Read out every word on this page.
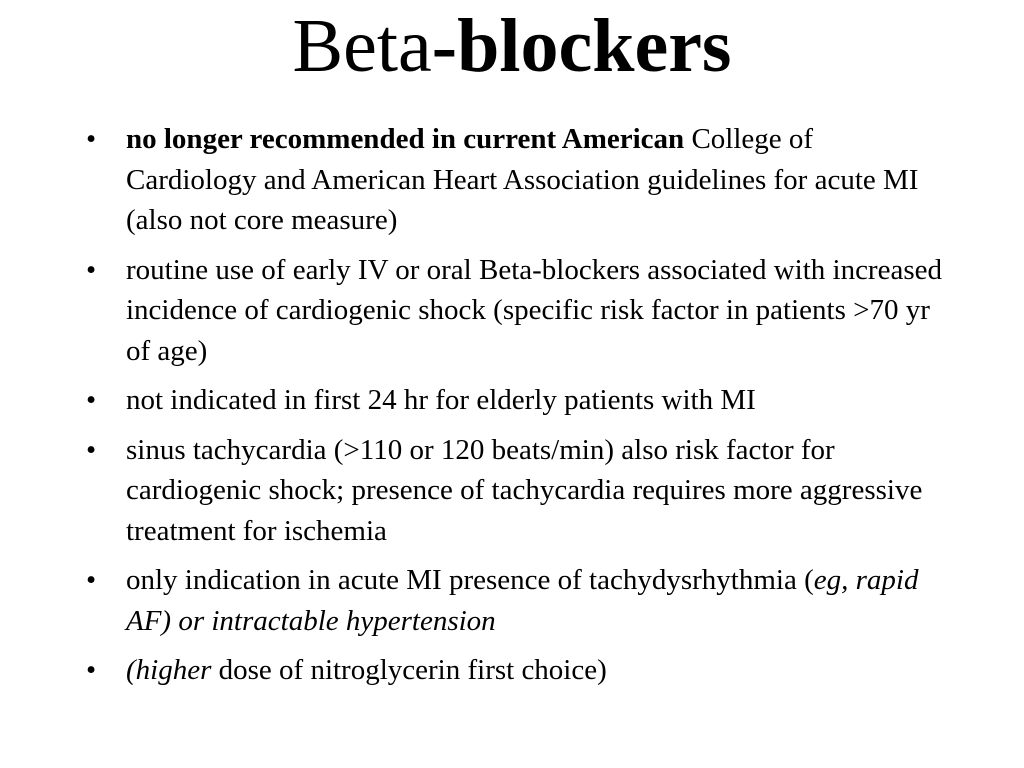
Beta-blockers
• no longer recommended in current American College of Cardiology and American Heart Association guidelines for acute MI (also not core measure)
• routine use of early IV or oral Beta-blockers associated with increased incidence of cardiogenic shock (specific risk factor in patients >70 yr of age)
• not indicated in first 24 hr for elderly patients with MI
• sinus tachycardia (>110 or 120 beats/min) also risk factor for cardiogenic shock; presence of tachycardia requires more aggressive treatment for ischemia
• only indication in acute MI presence of tachydysrhythmia (eg, rapid AF) or intractable hypertension
• (higher dose of nitroglycerin first choice)
